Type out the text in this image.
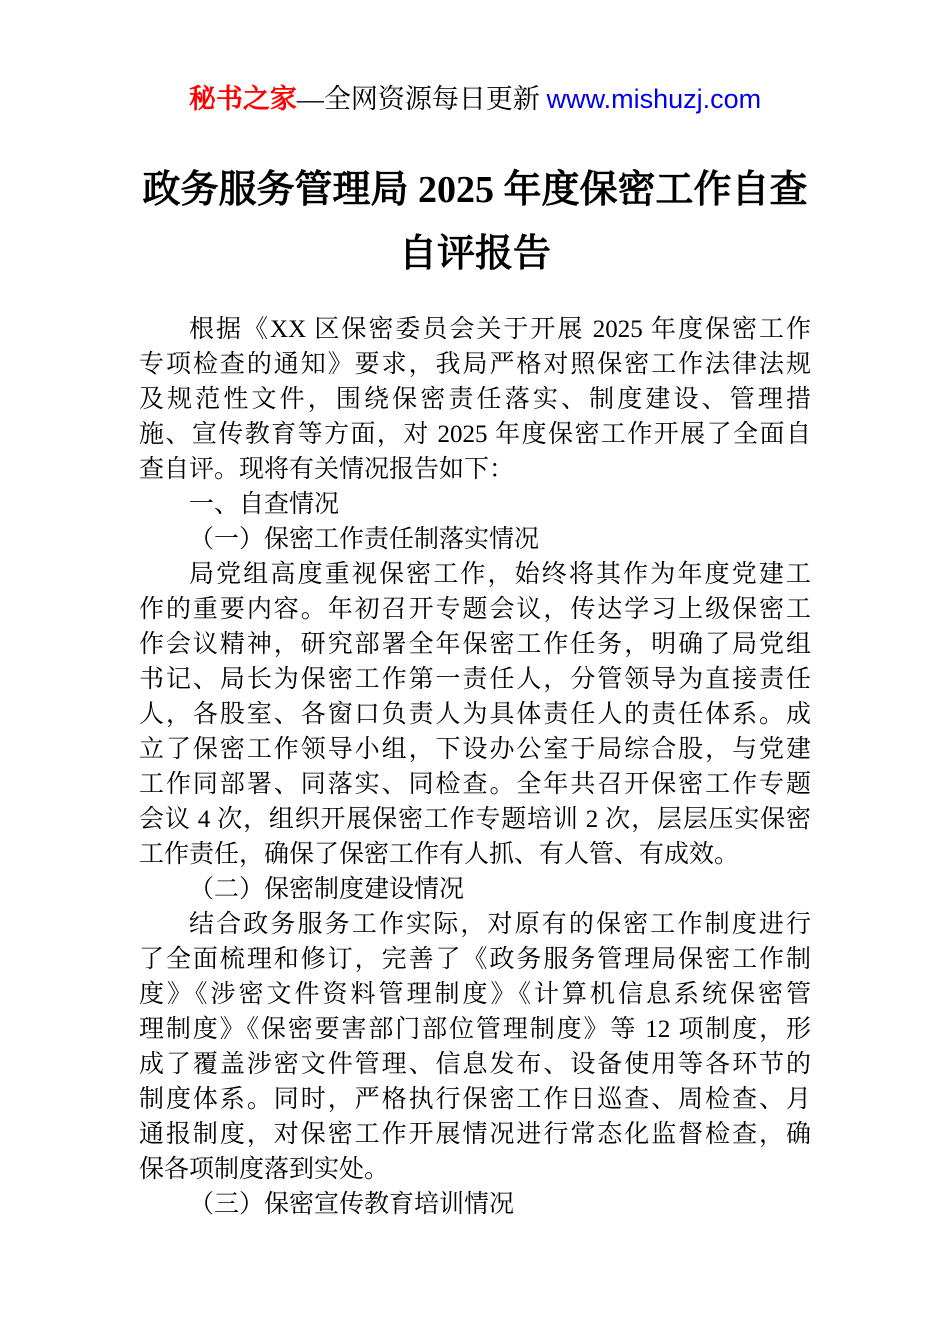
秘书之家—全网资源每日更新 www.mishuzj.com
政务服务管理局 2025 年度保密工作自查
自评报告
根据《XX 区保密委员会关于开展 2025 年度保密工作
专项检查的通知》要求，我局严格对照保密工作法律法规
及规范性文件，围绕保密责任落实、制度建设、管理措
施、宣传教育等方面，对 2025 年度保密工作开展了全面自
查自评。现将有关情况报告如下：
一、自查情况
（一）保密工作责任制落实情况
局党组高度重视保密工作，始终将其作为年度党建工
作的重要内容。年初召开专题会议，传达学习上级保密工
作会议精神，研究部署全年保密工作任务，明确了局党组
书记、局长为保密工作第一责任人，分管领导为直接责任
人，各股室、各窗口负责人为具体责任人的责任体系。成
立了保密工作领导小组，下设办公室于局综合股，与党建
工作同部署、同落实、同检查。全年共召开保密工作专题
会议 4 次，组织开展保密工作专题培训 2 次，层层压实保密
工作责任，确保了保密工作有人抓、有人管、有成效。
（二）保密制度建设情况
结合政务服务工作实际，对原有的保密工作制度进行
了全面梳理和修订，完善了《政务服务管理局保密工作制
度》《涉密文件资料管理制度》《计算机信息系统保密管
理制度》《保密要害部门部位管理制度》等 12 项制度，形
成了覆盖涉密文件管理、信息发布、设备使用等各环节的
制度体系。同时，严格执行保密工作日巡查、周检查、月
通报制度，对保密工作开展情况进行常态化监督检查，确
保各项制度落到实处。
（三）保密宣传教育培训情况
